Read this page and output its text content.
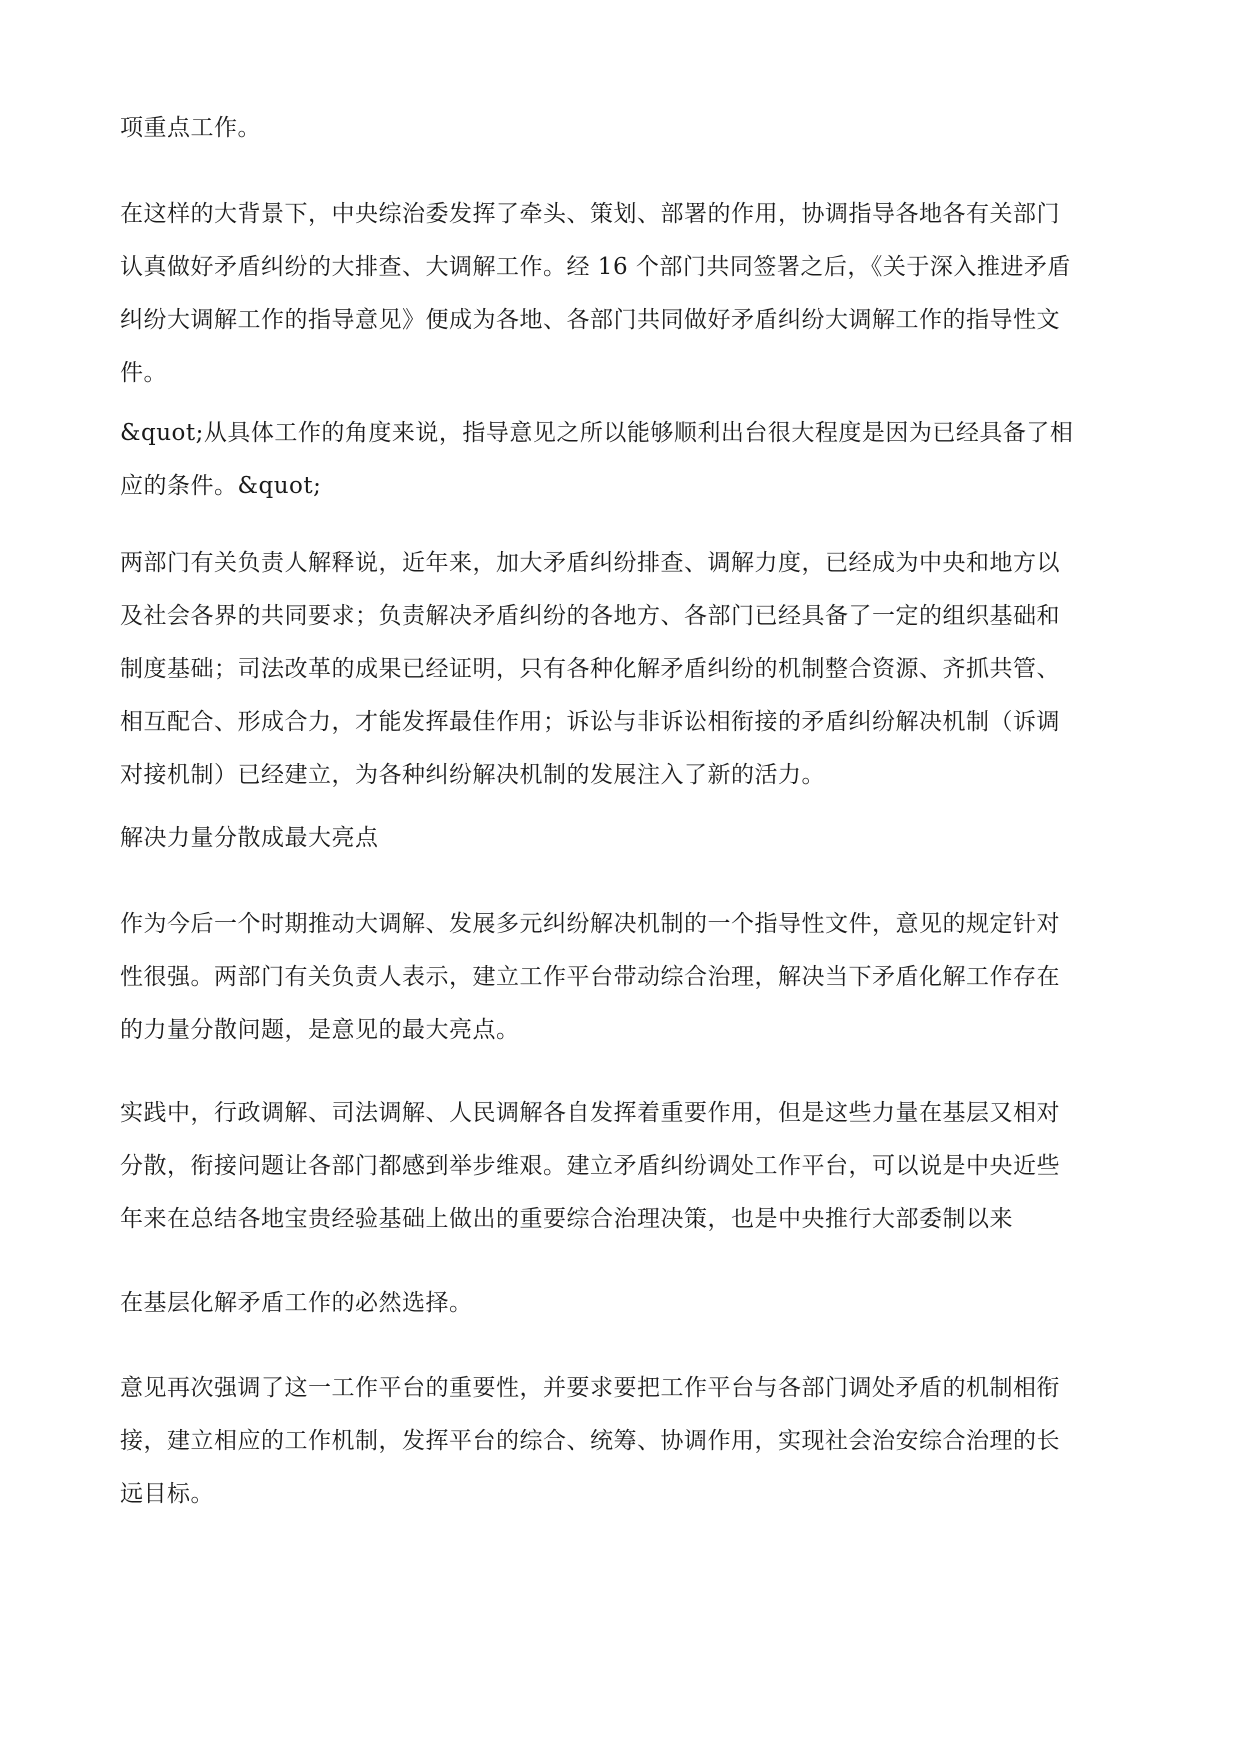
项重点工作。
在这样的大背景下，中央综治委发挥了牵头、策划、部署的作用，协调指导各地各有关部门
认真做好矛盾纠纷的大排查、大调解工作。经 16 个部门共同签署之后，《关于深入推进矛盾
纠纷大调解工作的指导意见》便成为各地、各部门共同做好矛盾纠纷大调解工作的指导性文
件。
&quot;从具体工作的角度来说，指导意见之所以能够顺利出台很大程度是因为已经具备了相
应的条件。&quot;
两部门有关负责人解释说，近年来，加大矛盾纠纷排查、调解力度，已经成为中央和地方以
及社会各界的共同要求；负责解决矛盾纠纷的各地方、各部门已经具备了一定的组织基础和
制度基础；司法改革的成果已经证明，只有各种化解矛盾纠纷的机制整合资源、齐抓共管、
相互配合、形成合力，才能发挥最佳作用；诉讼与非诉讼相衔接的矛盾纠纷解决机制（诉调
对接机制）已经建立，为各种纠纷解决机制的发展注入了新的活力。
解决力量分散成最大亮点
作为今后一个时期推动大调解、发展多元纠纷解决机制的一个指导性文件，意见的规定针对
性很强。两部门有关负责人表示，建立工作平台带动综合治理，解决当下矛盾化解工作存在
的力量分散问题，是意见的最大亮点。
实践中，行政调解、司法调解、人民调解各自发挥着重要作用，但是这些力量在基层又相对
分散，衔接问题让各部门都感到举步维艰。建立矛盾纠纷调处工作平台，可以说是中央近些
年来在总结各地宝贵经验基础上做出的重要综合治理决策，也是中央推行大部委制以来
在基层化解矛盾工作的必然选择。
意见再次强调了这一工作平台的重要性，并要求要把工作平台与各部门调处矛盾的机制相衔
接，建立相应的工作机制，发挥平台的综合、统筹、协调作用，实现社会治安综合治理的长
远目标。
